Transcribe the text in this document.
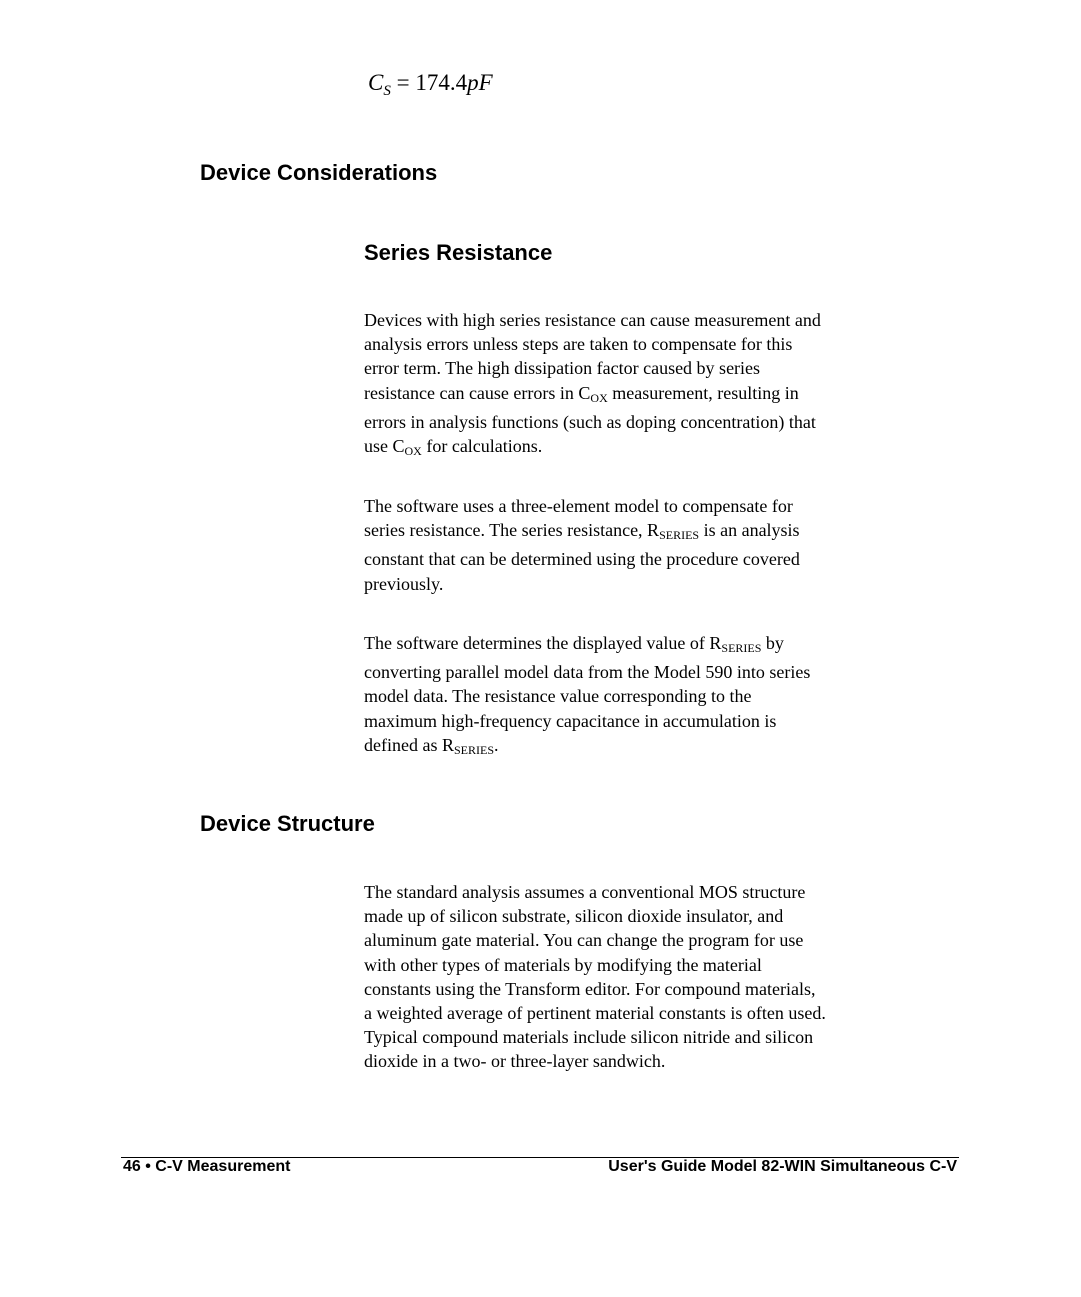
$C_S = 174.4pF$
Device Considerations
Series Resistance

Devices with high series resistance can cause measurement and
analysis errors unless steps are taken to compensate for this
error term. The high dissipation factor caused by series
resistance can cause errors in COX measurement, resulting in
errors in analysis functions (such as doping concentration) that
use COX for calculations.

The software uses a three-element model to compensate for
series resistance. The series resistance, RSERIES is an analysis
constant that can be determined using the procedure covered
previously.

The software determines the displayed value of RSERIES by
converting parallel model data from the Model 590 into series
model data. The resistance value corresponding to the
maximum high-frequency capacitance in accumulation is
defined as RSERIES.

Device Structure

The standard analysis assumes a conventional MOS structure
made up of silicon substrate, silicon dioxide insulator, and
aluminum gate material. You can change the program for use
with other types of materials by modifying the material
constants using the Transform editor. For compound materials,
a weighted average of pertinent material constants is often used.
Typical compound materials include silicon nitride and silicon
dioxide in a two- or three-layer sandwich.

46 • C-V Measurement	User's Guide Model 82-WIN Simultaneous C-V
